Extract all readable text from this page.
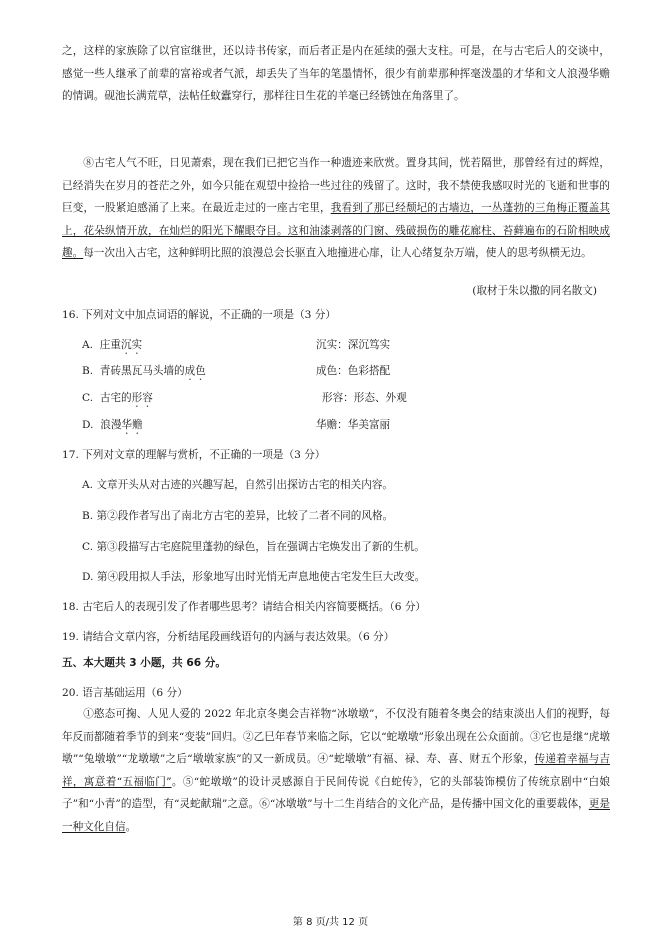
之，这样的家族除了以官宦继世，还以诗书传家，而后者正是内在延续的强大支柱。可是，在与古宅后人的交谈中，感觉一些人继承了前辈的富裕或者气派，却丢失了当年的笔墨情怀，很少有前辈那种挥毫泼墨的才华和文人浪漫华赡的情调。砚池长满荒草，法帖任蚊蠹穿行，那样往日生花的羊毫已经锈蚀在角落里了。

⑧古宅人气不旺，日见萧索，现在我们已把它当作一种遗迹来欣赏。置身其间，恍若隔世，那曾经有过的辉煌，已经消失在岁月的苍茫之外，如今只能在观望中捡拾一些过往的残留了。这时，我不禁使我感叹时光的飞逝和世事的巨变，一股紧迫感涌了上来。在最近走过的一座古宅里，我看到了那已经颓圮的古墙边，一丛蓬勃的三角梅正覆盖其上，花朵纵情开放，在灿烂的阳光下耀眼夺目。这和油漆剥落的门窗、残破损伤的雕花廊柱、苔藓遍布的石阶相映成趣。每一次出入古宅，这种鲜明比照的浪漫总会长驱直入地撞进心扉，让人心绪复杂万端，使人的思考纵横无边。

(取材于朱以撒的同名散文)

16. 下列对文中加点词语的解说，不正确的一项是（3 分）

A. 庄重沉实	沉实：深沉笃实
B. 青砖黑瓦马头墙的成色	成色：色彩搭配
C. 古宅的形容	形容：形态、外观
D. 浪漫华赡	华赡：华美富丽

17. 下列对文章的理解与赏析，不正确的一项是（3 分）

A. 文章开头从对古迹的兴趣写起，自然引出探访古宅的相关内容。
B. 第②段作者写出了南北方古宅的差异，比较了二者不同的风格。
C. 第③段描写古宅庭院里蓬勃的绿色，旨在强调古宅焕发出了新的生机。
D. 第④段用拟人手法，形象地写出时光悄无声息地使古宅发生巨大改变。

18. 古宅后人的表现引发了作者哪些思考？请结合相关内容简要概括。（6 分）

19. 请结合文章内容，分析结尾段画线语句的内涵与表达效果。（6 分）

五、本大题共 3 小题，共 66 分。

20. 语言基础运用（6 分）

①憨态可掬、人见人爱的 2022 年北京冬奥会吉祥物“冰墩墩”，不仅没有随着冬奥会的结束淡出人们的视野，每年反而都随着季节的到来“变装”回归。②乙巳年春节来临之际，它以“蛇墩墩”形象出现在公众面前。③它也是继“虎墩墩”“兔墩墩”“龙墩墩”之后“墩墩家族”的又一新成员。④“蛇墩墩”有福、禄、寿、喜、财五个形象，传递着幸福与吉祥，寓意着“五福临门”。⑤“蛇墩墩”的设计灵感源自于民间传说《白蛇传》，它的头部装饰模仿了传统京剧中“白娘子”和“小青”的造型，有“灵蛇献瑞”之意。⑥“冰墩墩”与十二生肖结合的文化产品，是传播中国文化的重要载体，更是一种文化自信。

第 8 页/共 12 页
